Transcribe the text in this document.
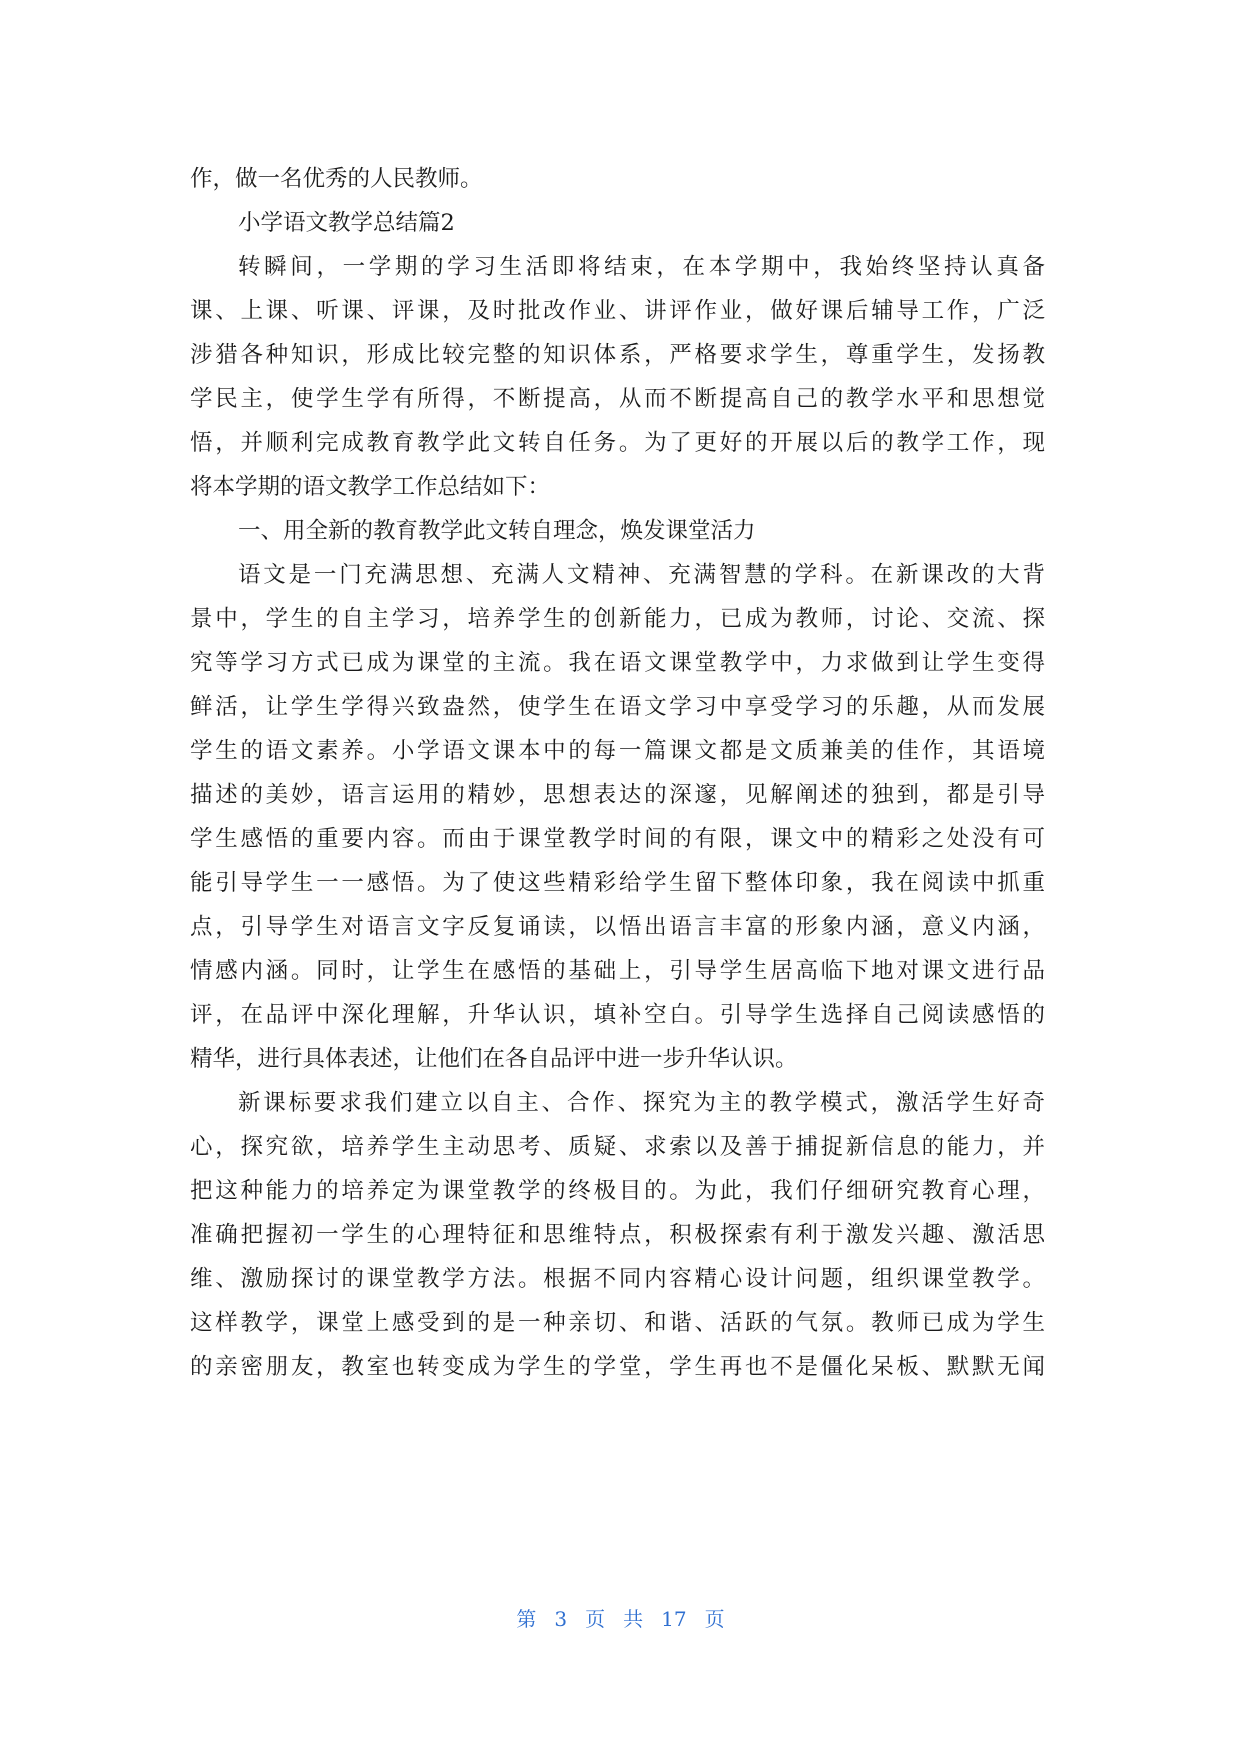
作，做一名优秀的人民教师。
小学语文教学总结篇2
转瞬间，一学期的学习生活即将结束，在本学期中，我始终坚持认真备
课、上课、听课、评课，及时批改作业、讲评作业，做好课后辅导工作，广泛
涉猎各种知识，形成比较完整的知识体系，严格要求学生，尊重学生，发扬教
学民主，使学生学有所得，不断提高，从而不断提高自己的教学水平和思想觉
悟，并顺利完成教育教学此文转自任务。为了更好的开展以后的教学工作，现
将本学期的语文教学工作总结如下：
一、用全新的教育教学此文转自理念，焕发课堂活力
语文是一门充满思想、充满人文精神、充满智慧的学科。在新课改的大背
景中，学生的自主学习，培养学生的创新能力，已成为教师，讨论、交流、探
究等学习方式已成为课堂的主流。我在语文课堂教学中，力求做到让学生变得
鲜活，让学生学得兴致盎然，使学生在语文学习中享受学习的乐趣，从而发展
学生的语文素养。小学语文课本中的每一篇课文都是文质兼美的佳作，其语境
描述的美妙，语言运用的精妙，思想表达的深邃，见解阐述的独到，都是引导
学生感悟的重要内容。而由于课堂教学时间的有限，课文中的精彩之处没有可
能引导学生一一感悟。为了使这些精彩给学生留下整体印象，我在阅读中抓重
点，引导学生对语言文字反复诵读，以悟出语言丰富的形象内涵，意义内涵，
情感内涵。同时，让学生在感悟的基础上，引导学生居高临下地对课文进行品
评，在品评中深化理解，升华认识，填补空白。引导学生选择自己阅读感悟的
精华，进行具体表述，让他们在各自品评中进一步升华认识。
新课标要求我们建立以自主、合作、探究为主的教学模式，激活学生好奇
心，探究欲，培养学生主动思考、质疑、求索以及善于捕捉新信息的能力，并
把这种能力的培养定为课堂教学的终极目的。为此，我们仔细研究教育心理，
准确把握初一学生的心理特征和思维特点，积极探索有利于激发兴趣、激活思
维、激励探讨的课堂教学方法。根据不同内容精心设计问题，组织课堂教学。
这样教学，课堂上感受到的是一种亲切、和谐、活跃的气氛。教师已成为学生
的亲密朋友，教室也转变成为学生的学堂，学生再也不是僵化呆板、默默无闻
第 3 页 共 17 页
